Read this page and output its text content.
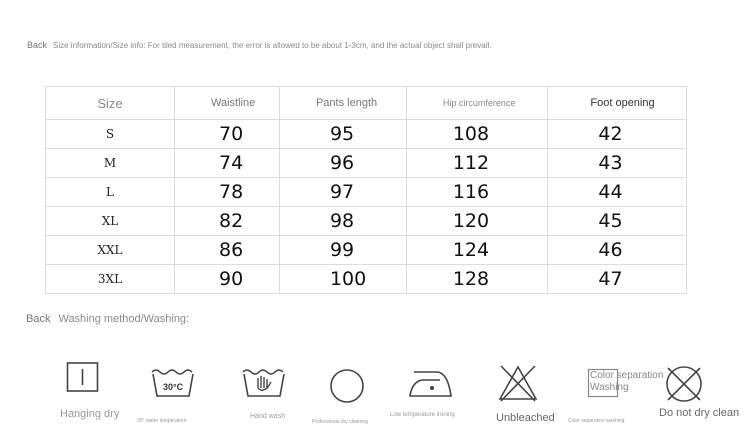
Back Size information/Size info: For tiled measurement, the error is allowed to be about 1-3cm, and the actual object shall prevail.
Size	Waistline	Pants length	Hip circumference	Foot opening
S	70	95	108	42
M	74	96	112	43
L	78	97	116	44
XL	82	98	120	45
XXL	86	99	124	46
3XL	90	100	128	47
Back Washing method/Washing:
Hanging dry
30°C
30° water temperature
Hand wash
Professional dry cleaning
Low temperature ironing	Unbleached
Color separation Washing
Color separation washing
Do not dry clean
